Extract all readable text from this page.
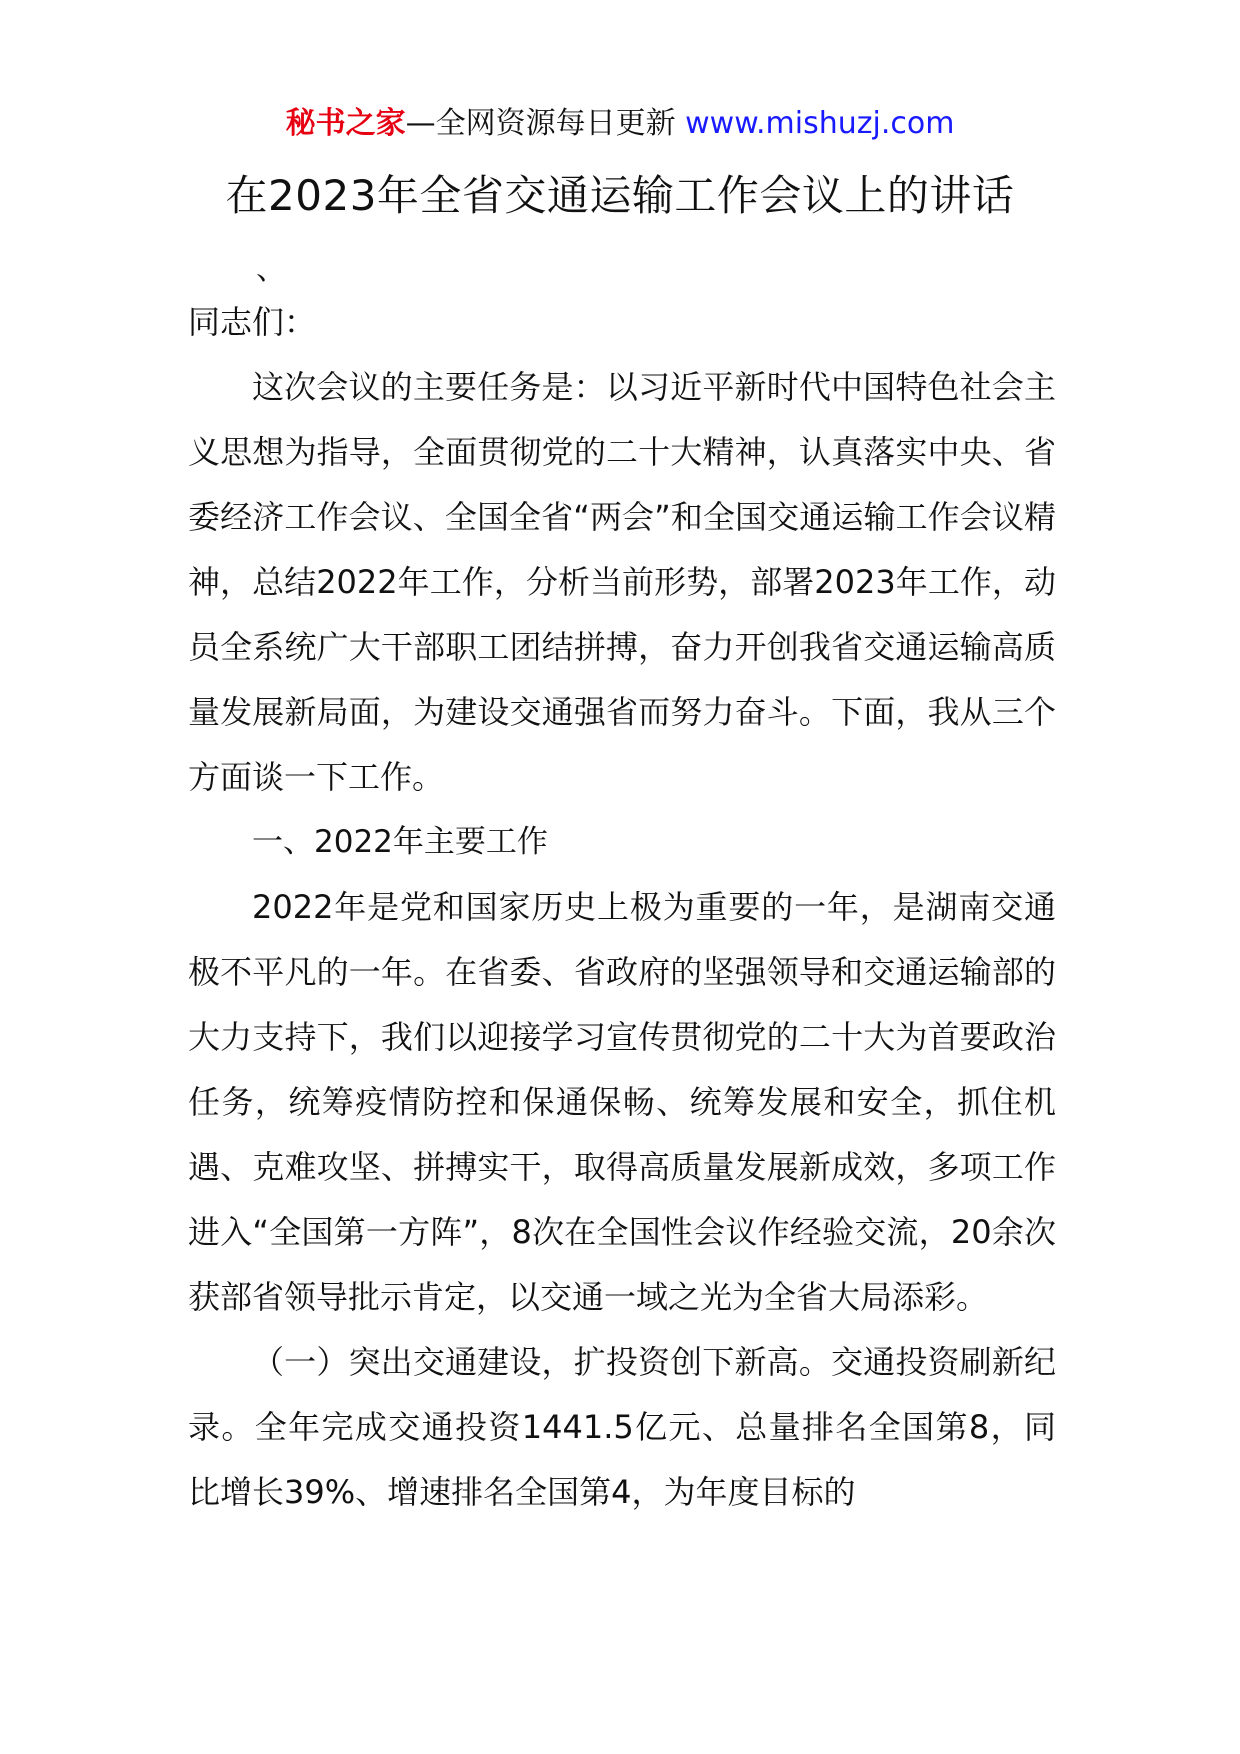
秘书之家—全网资源每日更新 www.mishuzj.com
在2023年全省交通运输工作会议上的讲话
、

同志们：

这次会议的主要任务是：以习近平新时代中国特色社会主义思想为指导，全面贯彻党的二十大精神，认真落实中央、省委经济工作会议、全国全省“两会”和全国交通运输工作会议精神，总结2022年工作，分析当前形势，部署2023年工作，动员全系统广大干部职工团结拼搏，奋力开创我省交通运输高质量发展新局面，为建设交通强省而努力奋斗。下面，我从三个方面谈一下工作。

一、2022年主要工作

2022年是党和国家历史上极为重要的一年，是湖南交通极不平凡的一年。在省委、省政府的坚强领导和交通运输部的大力支持下，我们以迎接学习宣传贯彻党的二十大为首要政治任务，统筹疫情防控和保通保畅、统筹发展和安全，抓住机遇、克难攻坚、拼搏实干，取得高质量发展新成效，多项工作进入“全国第一方阵”，8次在全国性会议作经验交流，20余次获部省领导批示肯定，以交通一域之光为全省大局添彩。

（一）突出交通建设，扩投资创下新高。交通投资刷新纪录。全年完成交通投资1441.5亿元、总量排名全国第8，同比增长39%、增速排名全国第4，为年度目标的
